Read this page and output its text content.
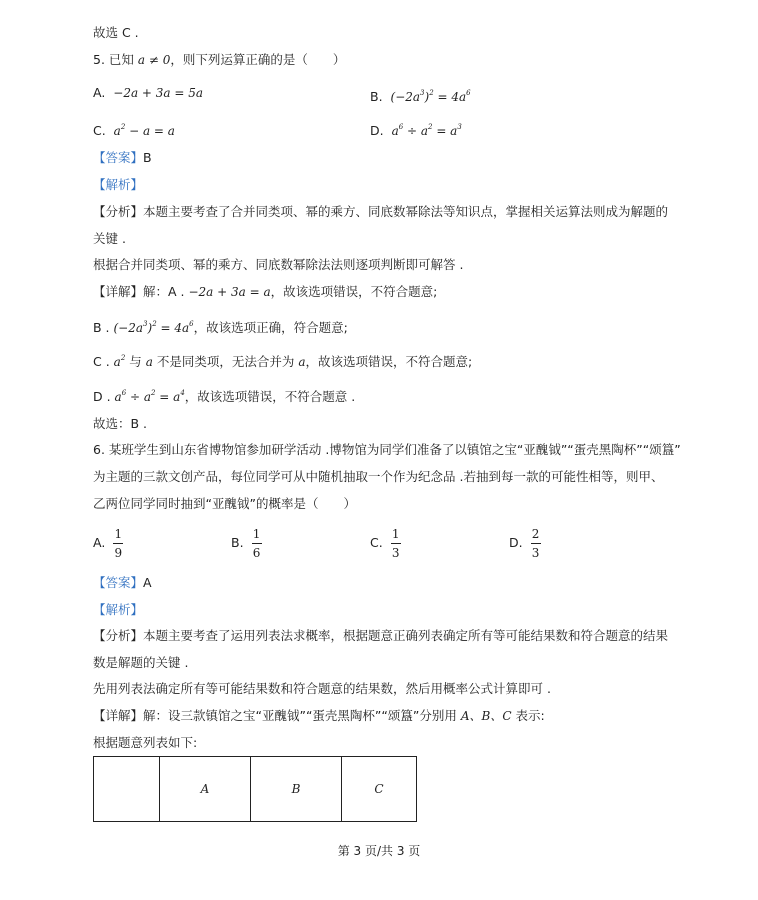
故选 C .
5. 已知 a ≠ 0，则下列运算正确的是（　　）
A. −2a + 3a = 5a	B. $(-2a^3)^2 = 4a^6$
C. $a^2 - a = a$	D. $a^6 \div a^2 = a^3$
【答案】B
【解析】
【分析】本题主要考查了合并同类项、幂的乘方、同底数幂除法等知识点，掌握相关运算法则成为解题的
关键 .
根据合并同类项、幂的乘方、同底数幂除法法则逐项判断即可解答 .
【详解】解：A . −2a + 3a = a，故该选项错误，不符合题意;
B . $(-2a^3)^2 = 4a^6$，故该选项正确，符合题意;
C . $a^2$ 与 a 不是同类项，无法合并为 a，故该选项错误，不符合题意;
D . $a^6 \div a^2 = a^4$，故该选项错误，不符合题意 .
故选：B .
6. 某班学生到山东省博物馆参加研学活动 .博物馆为同学们准备了以镇馆之宝“亚醜钺”“蛋壳黑陶杯”“颂簋”
为主题的三款文创产品，每位同学可从中随机抽取一个作为纪念品 .若抽到每一款的可能性相等，则甲、
乙两位同学同时抽到“亚醜钺”的概率是（　　）
A. $\frac{1}{9}$	B. $\frac{1}{6}$	C. $\frac{1}{3}$	D. $\frac{2}{3}$
【答案】A
【解析】
【分析】本题主要考查了运用列表法求概率，根据题意正确列表确定所有等可能结果数和符合题意的结果
数是解题的关键 .
先用列表法确定所有等可能结果数和符合题意的结果数，然后用概率公式计算即可 .
【详解】解：设三款镇馆之宝“亚醜钺”“蛋壳黑陶杯”“颂簋”分别用 A、B、C 表示:
根据题意列表如下:
	A	B	C
第 3 页/共 3 页
